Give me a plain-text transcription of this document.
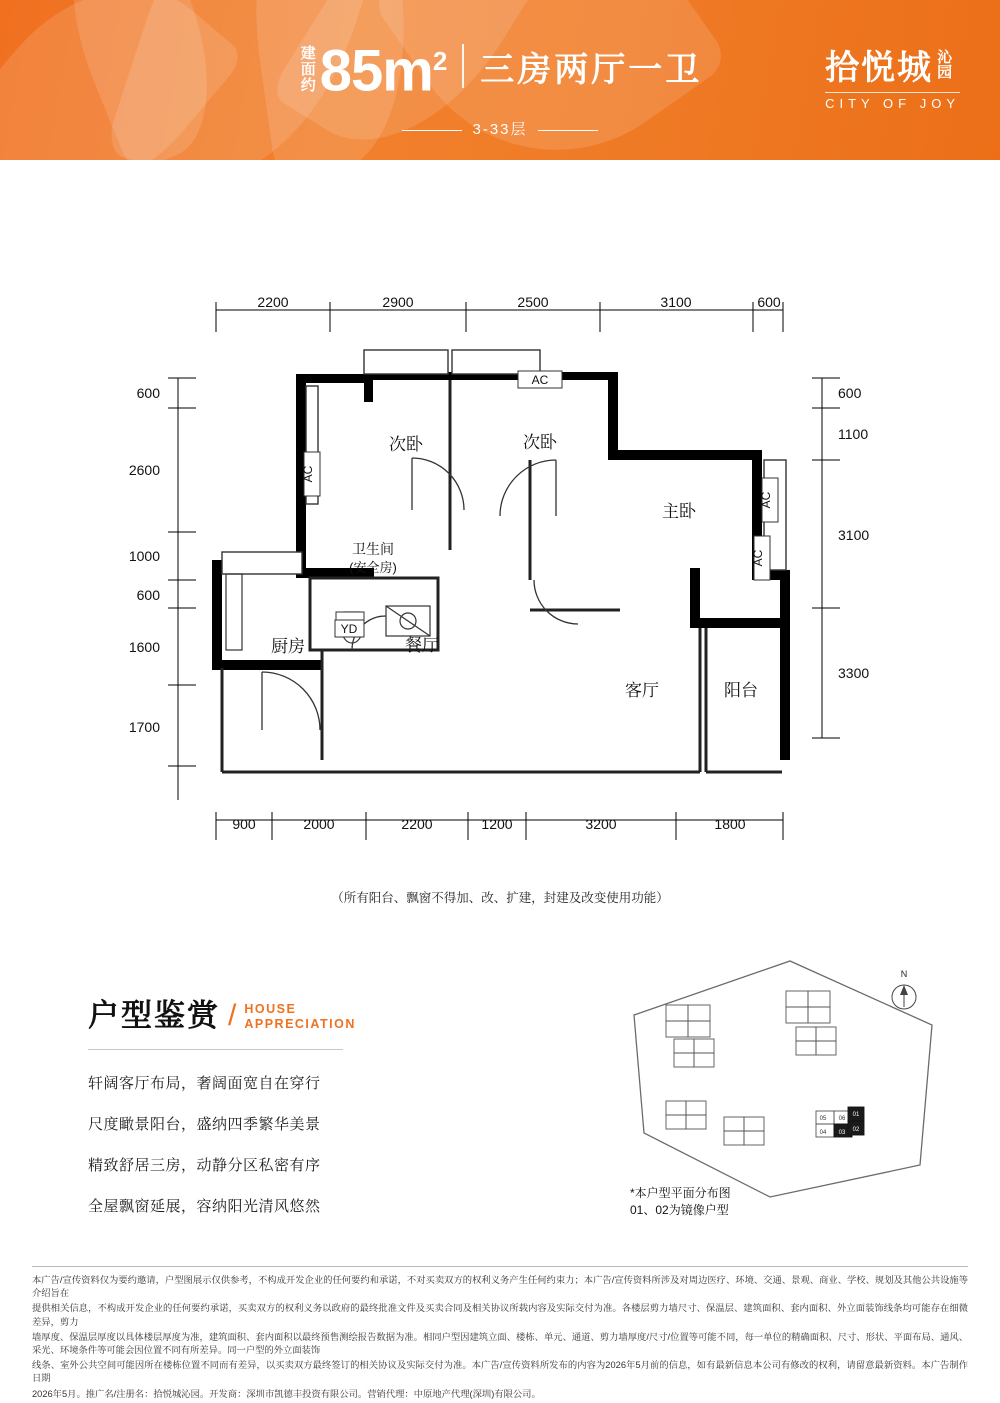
建面约 $85m^2$ 三房两厅一卫
3-33层
拾悦城 沁
园
CITY OF JOY
2200	2900	2500	3100	600
600
2600
1000
600
1600
1700
600
1100
3100
3300
900	2000	2200	1200	3200	1800
次卧	次卧
主卧
卫生间
(安全房)
厨房	餐厅
客厅	阳台
AC
AC
AC
AC
YD
（所有阳台、飘窗不得加、改、扩建，封建及改变使用功能）
户型鉴赏 / HOUSE
APPRECIATION
轩阔客厅布局，奢阔面宽自在穿行
尺度瞰景阳台，盛纳四季繁华美景
精致舒居三房，动静分区私密有序
全屋飘窗延展，容纳阳光清风悠然
05 06
01
02
04 03
N
*本户型平面分布图
01、02为镜像户型

本广告/宣传资料仅为要约邀请，户型图展示仅供参考，不构成开发企业的任何要约和承诺，不对买卖双方的权利义务产生任何约束力；本广告/宣传资料所涉及对周边医疗、环境、交通、景观、商业、学校、规划及其他公共设施等介绍旨在

提供相关信息，不构成开发企业的任何要约承诺，买卖双方的权利义务以政府的最终批准文件及买卖合同及相关协议所载内容及实际交付为准。各楼层剪力墙尺寸、保温层、建筑面积、套内面积、外立面装饰线条均可能存在细微差异，剪力

墙厚度、保温层厚度以具体楼层厚度为准，建筑面积、套内面积以最终预售测绘报告数据为准。相同户型因建筑立面、楼栋、单元、通道、剪力墙厚度/尺寸/位置等可能不同，每一单位的精确面积、尺寸、形状、平面布局、通风、采光、环境条件等可能会因位置不同有所差异。同一户型的外立面装饰

线条、室外公共空间可能因所在楼栋位置不同而有差异，以买卖双方最终签订的相关协议及实际交付为准。本广告/宣传资料所发布的内容为2026年5月前的信息，如有最新信息本公司有修改的权利，请留意最新资料。本广告制作日期

2026年5月。推广名/注册名：拾悦城沁园。开发商：深圳市凯德丰投资有限公司。营销代理：中原地产代理(深圳)有限公司。
